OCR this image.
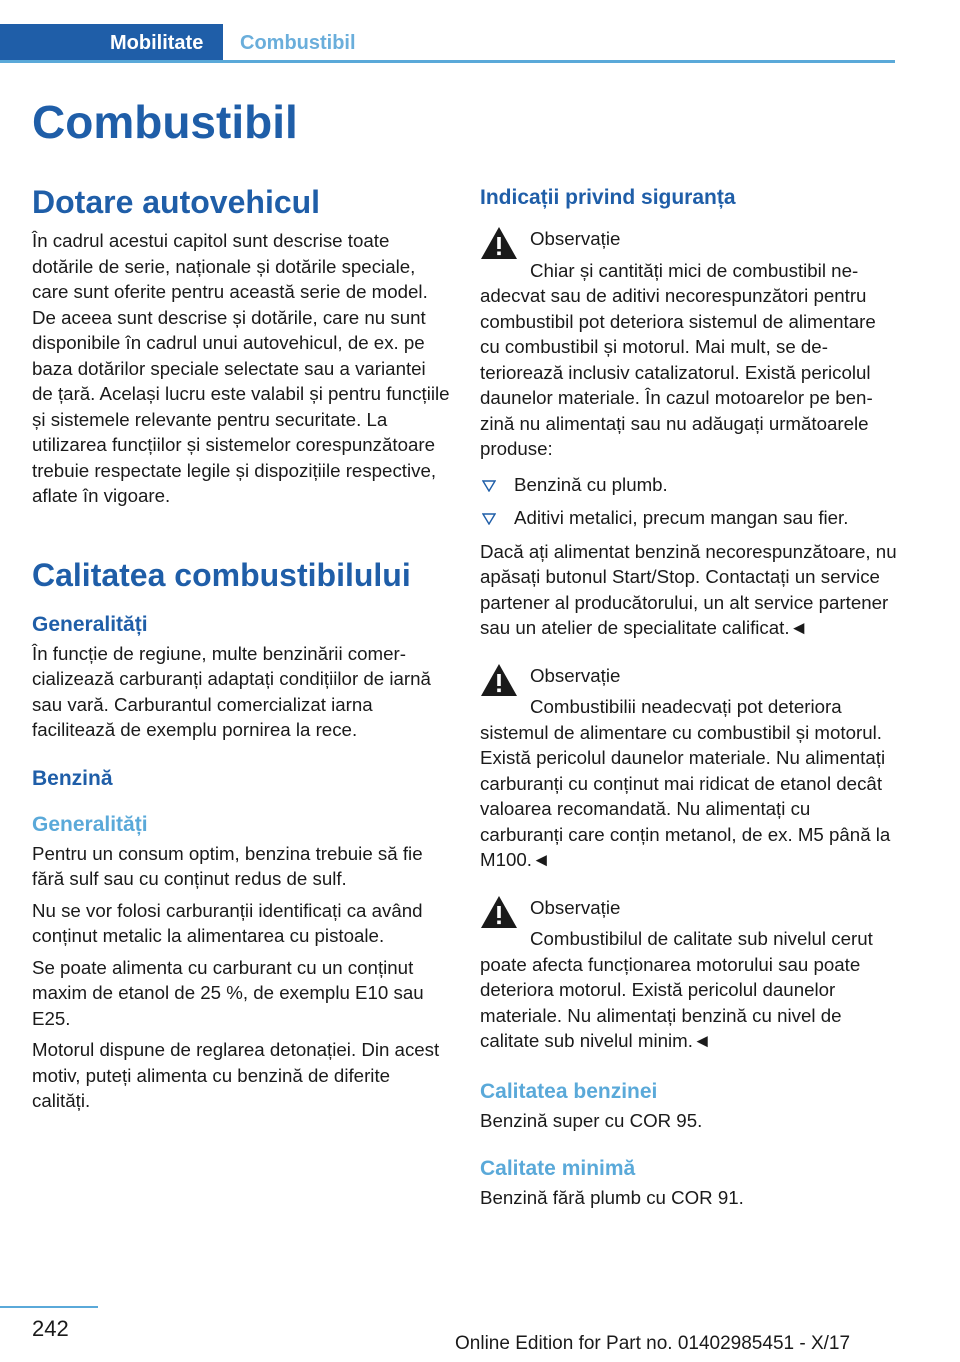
Mobilitate	Combustibil
Combustibil
Dotare autovehicul

În cadrul acestui capitol sunt descrise toate dotările de serie, naționale și dotările speciale, care sunt oferite pentru această serie de model. De aceea sunt descrise și dotările, care nu sunt disponibile în cadrul unui autovehicul, de ex. pe baza dotărilor speciale selectate sau a variantei de țară. Același lucru este valabil și pentru funcțiile și sistemele relevante pentru securitate. La utilizarea funcțiilor și sistemelor corespunzătoare trebuie respectate legile și dispozițiile respective, aflate în vigoare.

Calitatea combustibilului
Generalități

În funcție de regiune, multe benzinării comercializează carburanți adaptați condițiilor de iarnă sau vară. Carburantul comercializat iarna facilitează de exemplu pornirea la rece.

Benzină
Generalități

Pentru un consum optim, benzina trebuie să fie fără sulf sau cu conținut redus de sulf.

Nu se vor folosi carburanții identificați ca având conținut metalic la alimentarea cu pistoale.

Se poate alimenta cu carburant cu un conținut maxim de etanol de 25 %, de exemplu E10 sau E25.

Motorul dispune de reglarea detonației. Din acest motiv, puteți alimenta cu benzină de diferite calități.

Indicații privind siguranța
Observație
Chiar și cantități mici de combustibil neadecvat sau de aditivi necorespunzători pentru combustibil pot deteriora sistemul de alimentare cu combustibil și motorul. Mai mult, se deteriorează inclusiv catalizatorul. Există pericolul daunelor materiale. În cazul motoarelor pe benzină nu alimentați sau nu adăugați următoarele produse:
Benzină cu plumb.
Aditivi metalici, precum mangan sau fier.

Dacă ați alimentat benzină necorespunzătoare, nu apăsați butonul Start/Stop. Contactați un service partener al producătorului, un alt service partener sau un atelier de specialitate calificat.◄

Observație
Combustibilii neadecvați pot deteriora sistemul de alimentare cu combustibil și motorul. Există pericolul daunelor materiale. Nu alimentați carburanți cu conținut mai ridicat de etanol decât valoarea recomandată. Nu alimentați cu carburanți care conțin metanol, de ex. M5 până la M100.◄
Observație
Combustibilul de calitate sub nivelul cerut poate afecta funcționarea motorului sau poate deteriora motorul. Există pericolul daunelor materiale. Nu alimentați benzină cu nivel de calitate sub nivelul minim.◄
Calitatea benzinei

Benzină super cu COR 95.

Calitate minimă

Benzină fără plumb cu COR 91.

242
Online Edition for Part no. 01402985451 - X/17
